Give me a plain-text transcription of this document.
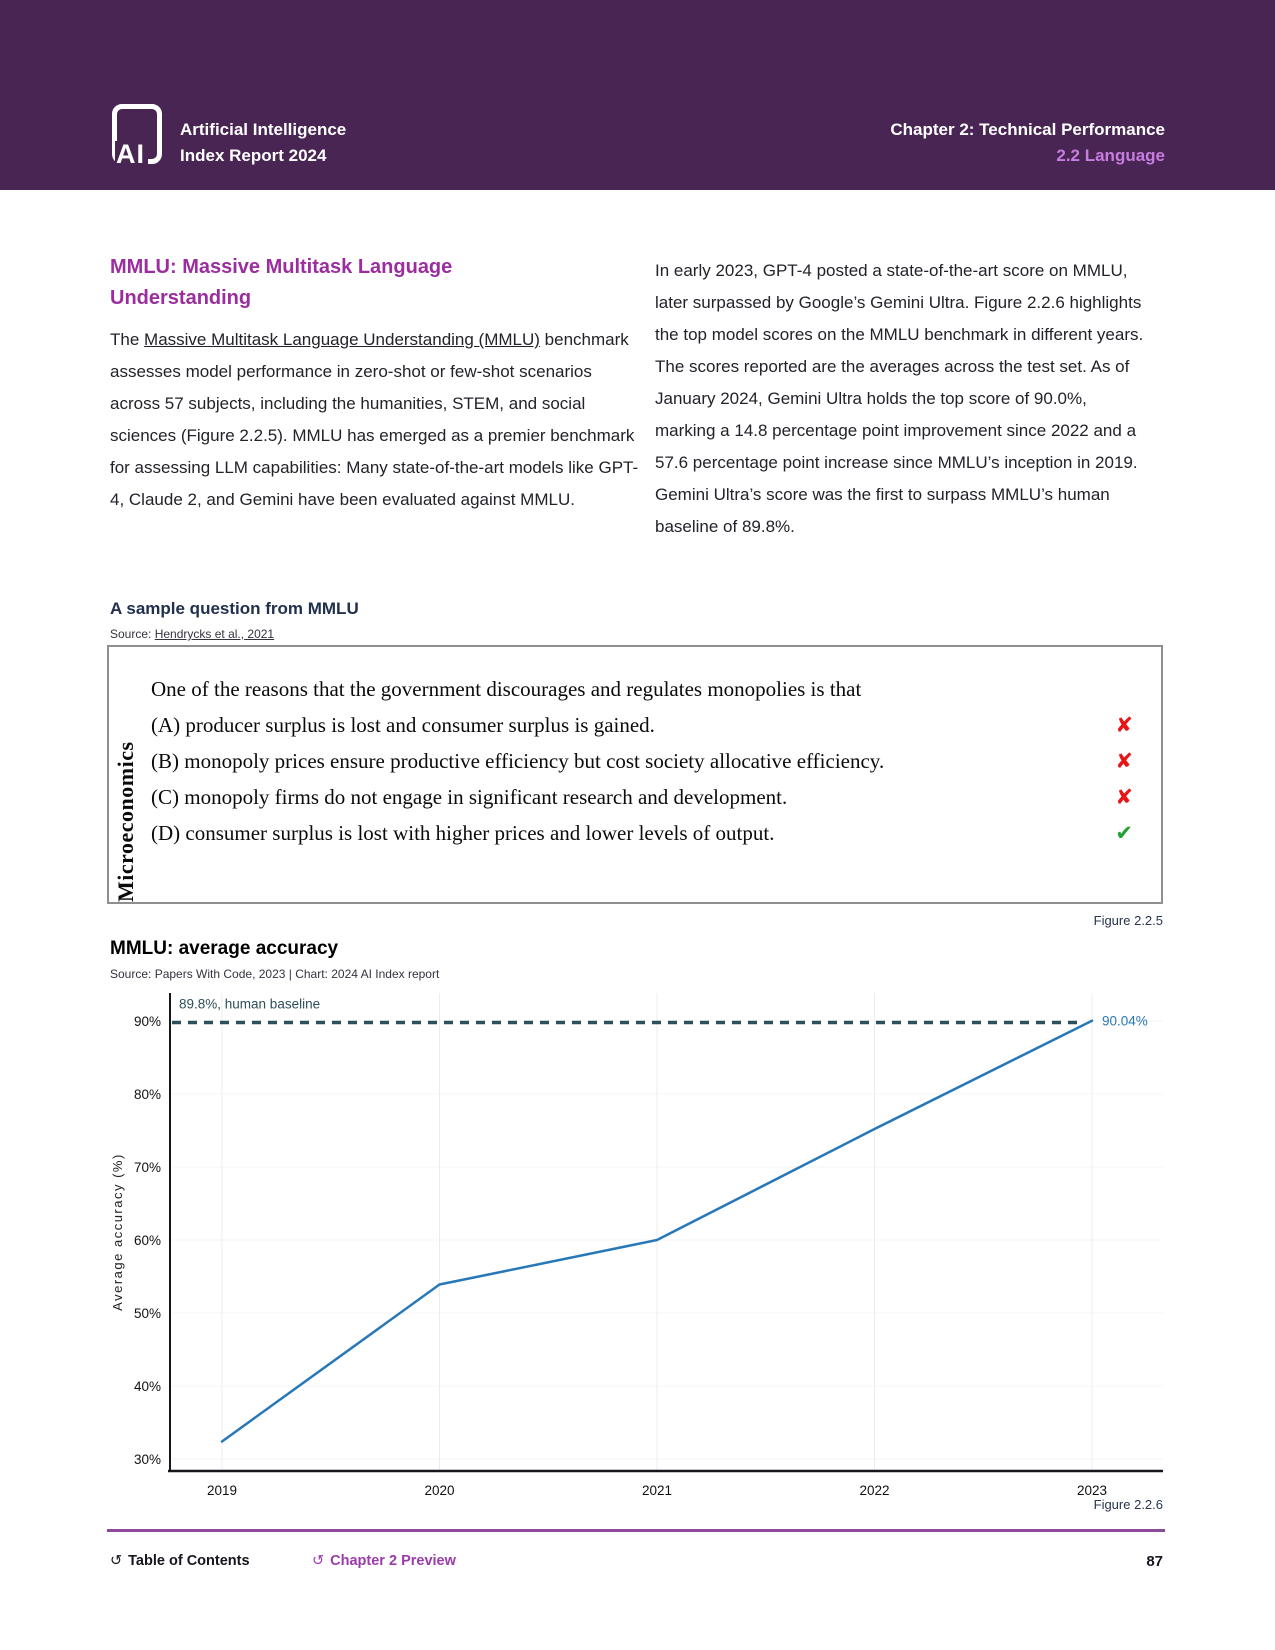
AI
Artificial Intelligence
Index Report 2024
Chapter 2: Technical Performance
2.2 Language
MMLU: Massive Multitask Language Understanding
The Massive Multitask Language Understanding (MMLU) benchmark assesses model performance in zero-shot or few-shot scenarios across 57 subjects, including the humanities, STEM, and social sciences (Figure 2.2.5). MMLU has emerged as a premier benchmark for assessing LLM capabilities: Many state-of-the-art models like GPT-4, Claude 2, and Gemini have been evaluated against MMLU.
In early 2023, GPT-4 posted a state-of-the-art score on MMLU, later surpassed by Google’s Gemini Ultra. Figure 2.2.6 highlights the top model scores on the MMLU benchmark in different years. The scores reported are the averages across the test set. As of January 2024, Gemini Ultra holds the top score of 90.0%, marking a 14.8 percentage point improvement since 2022 and a 57.6 percentage point increase since MMLU’s inception in 2019. Gemini Ultra’s score was the first to surpass MMLU’s human baseline of 89.8%.
A sample question from MMLU
Source: Hendrycks et al., 2021
Microeconomics
One of the reasons that the government discourages and regulates monopolies is that
(A) producer surplus is lost and consumer surplus is gained.	✘
(B) monopoly prices ensure productive efficiency but cost society allocative efficiency.	✘
(C) monopoly firms do not engage in significant research and development.	✘
(D) consumer surplus is lost with higher prices and lower levels of output.	✔
Figure 2.2.5
MMLU: average accuracy
Source: Papers With Code, 2023 | Chart: 2024 AI Index report
30%
40%
50%
60%
70%
80%
90%
2019	2020	2021	2022	2023
Average accuracy (%)
89.8%, human baseline
90.04%
Figure 2.2.6
↺ Table of Contents	↺ Chapter 2 Preview	87
